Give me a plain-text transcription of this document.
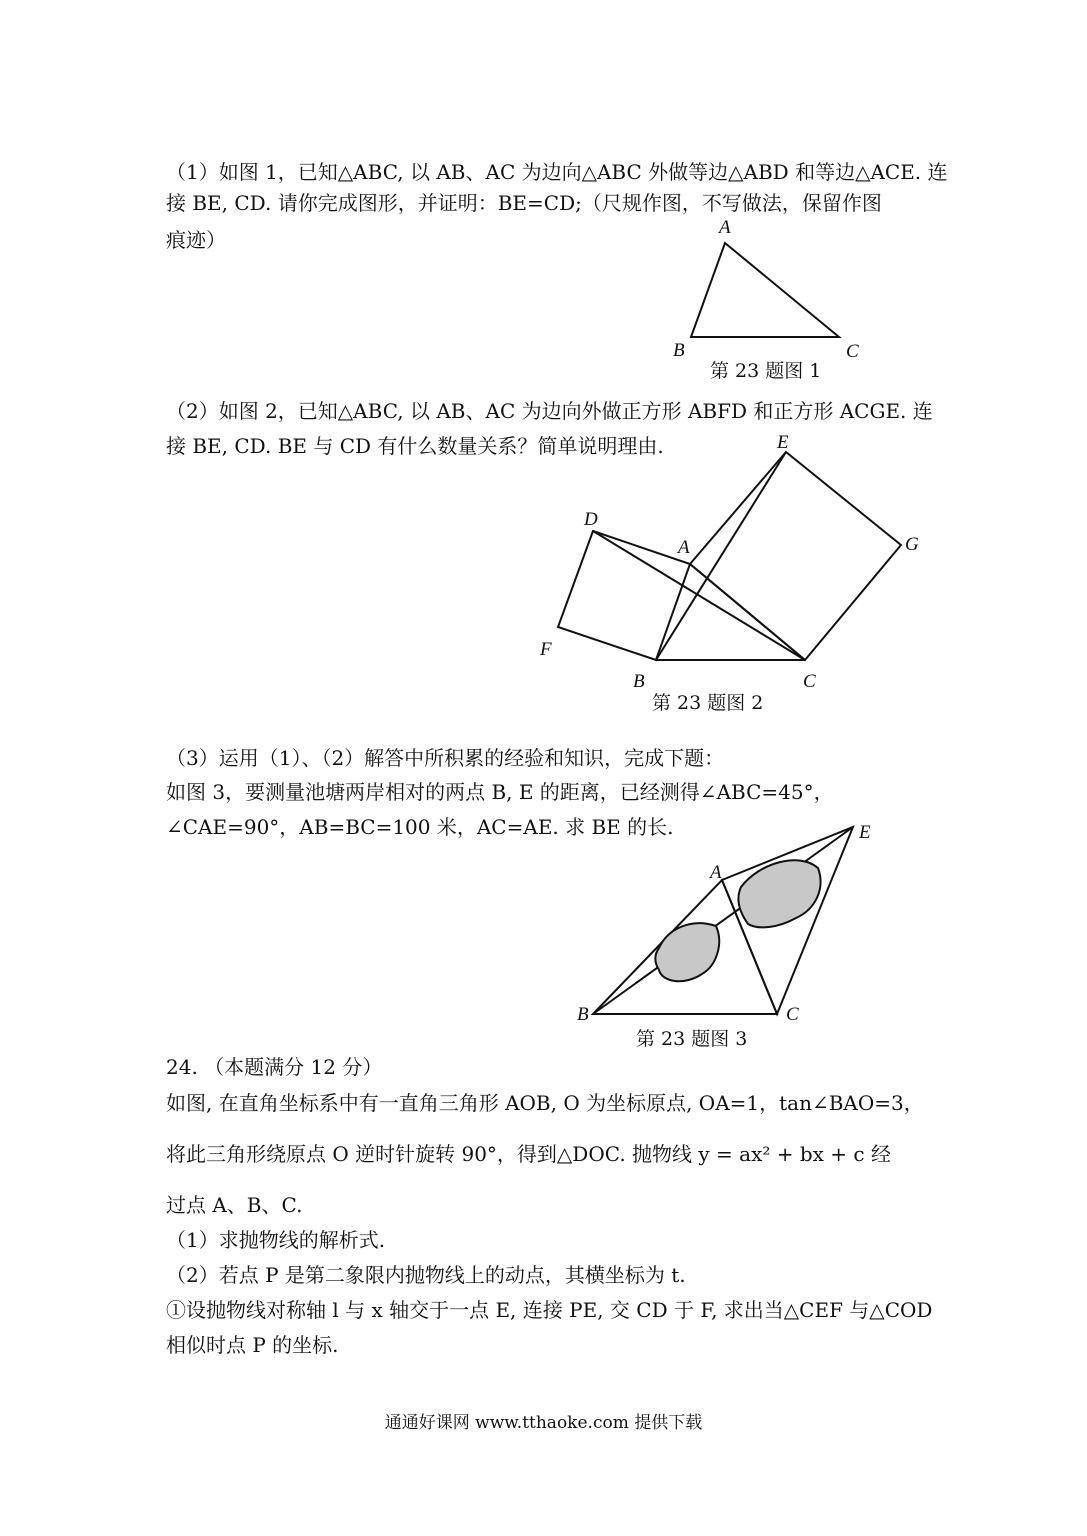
（1）如图 1，已知△ABC, 以 AB、AC 为边向△ABC 外做等边△ABD 和等边△ACE. 连
接 BE, CD. 请你完成图形，并证明：BE=CD;（尺规作图，不写做法，保留作图
痕迹）
A
B	C
第 23 题图 1
（2）如图 2，已知△ABC, 以 AB、AC 为边向外做正方形 ABFD 和正方形 ACGE. 连
接 BE, CD. BE 与 CD 有什么数量关系？简单说明理由.	E
D
A	G
F
B	C
第 23 题图 2
（3）运用（1）、（2）解答中所积累的经验和知识，完成下题：
如图 3，要测量池塘两岸相对的两点 B, E 的距离，已经测得∠ABC=45°，
∠CAE=90°，AB=BC=100 米，AC=AE. 求 BE 的长.	E
A
B	C
第 23 题图 3
24. （本题满分 12 分）
如图, 在直角坐标系中有一直角三角形 AOB, O 为坐标原点, OA=1，tan∠BAO=3，
将此三角形绕原点 O 逆时针旋转 90°，得到△DOC. 抛物线 y = ax² + bx + c 经
过点 A、B、C.
（1）求抛物线的解析式.
（2）若点 P 是第二象限内抛物线上的动点，其横坐标为 t.
①设抛物线对称轴 l 与 x 轴交于一点 E, 连接 PE, 交 CD 于 F, 求出当△CEF 与△COD
相似时点 P 的坐标.
通通好课网 www.tthaoke.com 提供下载
